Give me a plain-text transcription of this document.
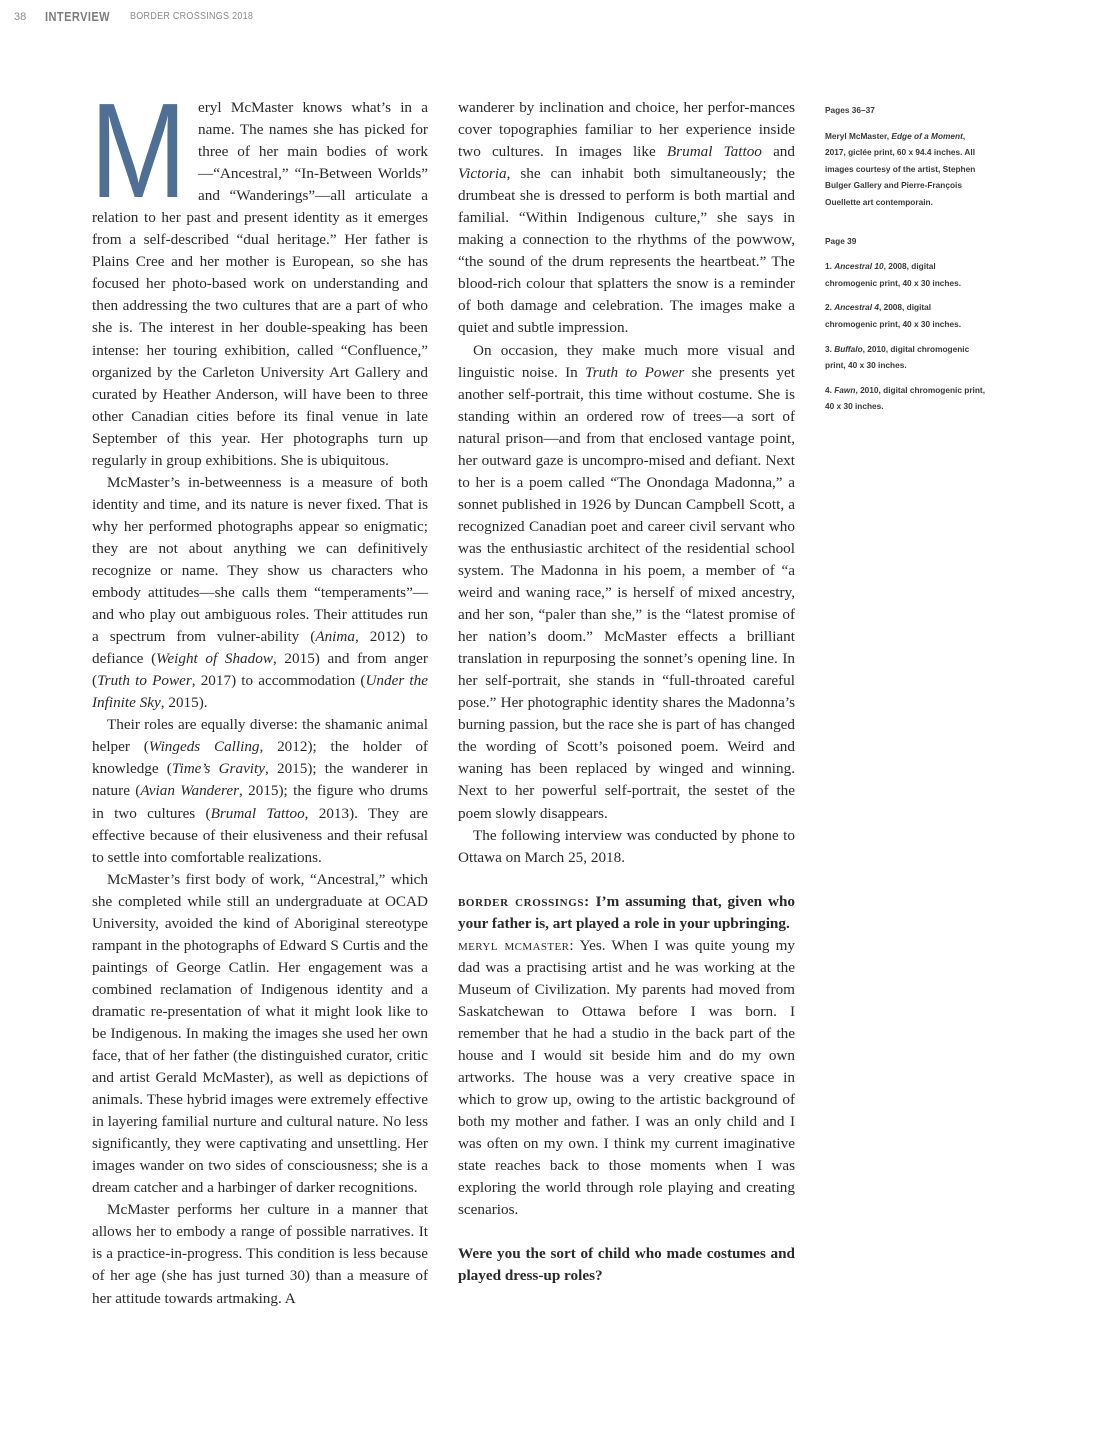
38 INTERVIEW BORDER CROSSINGS 2018

Meryl McMaster knows what’s in a name. The names she has picked for three of her main bodies of work—“Ancestral,” “In-Between Worlds” and “Wanderings”—all articulate a relation to her past and present identity as it emerges from a self-described “dual heritage.” Her father is Plains Cree and her mother is European, so she has focused her photo-based work on understanding and then addressing the two cultures that are a part of who she is. The interest in her double-speaking has been intense: her touring exhibition, called “Confluence,” organized by the Carleton University Art Gallery and curated by Heather Anderson, will have been to three other Canadian cities before its final venue in late September of this year. Her photographs turn up regularly in group exhibitions. She is ubiquitous.

McMaster’s in-betweenness is a measure of both identity and time, and its nature is never fixed. That is why her performed photographs appear so enigmatic; they are not about anything we can definitively recognize or name. They show us characters who embody attitudes—she calls them “temperaments”—and who play out ambiguous roles. Their attitudes run a spectrum from vulner-ability (Anima, 2012) to defiance (Weight of Shadow, 2015) and from anger (Truth to Power, 2017) to accommodation (Under the Infinite Sky, 2015).

Their roles are equally diverse: the shamanic animal helper (Wingeds Calling, 2012); the holder of knowledge (Time’s Gravity, 2015); the wanderer in nature (Avian Wanderer, 2015); the figure who drums in two cultures (Brumal Tattoo, 2013). They are effective because of their elusiveness and their refusal to settle into comfortable realizations.

McMaster’s first body of work, “Ancestral,” which she completed while still an undergraduate at OCAD University, avoided the kind of Aboriginal stereotype rampant in the photographs of Edward S Curtis and the paintings of George Catlin. Her engagement was a combined reclamation of Indigenous identity and a dramatic re-presentation of what it might look like to be Indigenous. In making the images she used her own face, that of her father (the distinguished curator, critic and artist Gerald McMaster), as well as depictions of animals. These hybrid images were extremely effective in layering familial nurture and cultural nature. No less significantly, they were captivating and unsettling. Her images wander on two sides of consciousness; she is a dream catcher and a harbinger of darker recognitions.

McMaster performs her culture in a manner that allows her to embody a range of possible narratives. It is a practice-in-progress. This condition is less because of her age (she has just turned 30) than a measure of her attitude towards artmaking. A

wanderer by inclination and choice, her perfor-mances cover topographies familiar to her experience inside two cultures. In images like Brumal Tattoo and Victoria, she can inhabit both simultaneously; the drumbeat she is dressed to perform is both martial and familial. “Within Indigenous culture,” she says in making a connection to the rhythms of the powwow, “the sound of the drum represents the heartbeat.” The blood-rich colour that splatters the snow is a reminder of both damage and celebration. The images make a quiet and subtle impression.

On occasion, they make much more visual and linguistic noise. In Truth to Power she presents yet another self-portrait, this time without costume. She is standing within an ordered row of trees—a sort of natural prison—and from that enclosed vantage point, her outward gaze is uncompro-mised and defiant. Next to her is a poem called “The Onondaga Madonna,” a sonnet published in 1926 by Duncan Campbell Scott, a recognized Canadian poet and career civil servant who was the enthusiastic architect of the residential school system. The Madonna in his poem, a member of “a weird and waning race,” is herself of mixed ancestry, and her son, “paler than she,” is the “latest promise of her nation’s doom.” McMaster effects a brilliant translation in repurposing the sonnet’s opening line. In her self-portrait, she stands in “full-throated careful pose.” Her photographic identity shares the Madonna’s burning passion, but the race she is part of has changed the wording of Scott’s poisoned poem. Weird and waning has been replaced by winged and winning. Next to her powerful self-portrait, the sestet of the poem slowly disappears.

The following interview was conducted by phone to Ottawa on March 25, 2018.

border crossings: I’m assuming that, given who your father is, art played a role in your upbringing.

meryl mcmaster: Yes. When I was quite young my dad was a practising artist and he was working at the Museum of Civilization. My parents had moved from Saskatchewan to Ottawa before I was born. I remember that he had a studio in the back part of the house and I would sit beside him and do my own artworks. The house was a very creative space in which to grow up, owing to the artistic background of both my mother and father. I was an only child and I was often on my own. I think my current imaginative state reaches back to those moments when I was exploring the world through role playing and creating scenarios.

Were you the sort of child who made costumes and played dress-up roles?

Pages 36–37

Meryl McMaster, Edge of a Moment, 2017, giclée print, 60 x 94.4 inches. All images courtesy of the artist, Stephen Bulger Gallery and Pierre-François Ouellette art contemporain.

Page 39

1. Ancestral 10, 2008, digital chromogenic print, 40 x 30 inches.

2. Ancestral 4, 2008, digital chromogenic print, 40 x 30 inches.

3. Buffalo, 2010, digital chromogenic print, 40 x 30 inches.

4. Fawn, 2010, digital chromogenic print, 40 x 30 inches.
